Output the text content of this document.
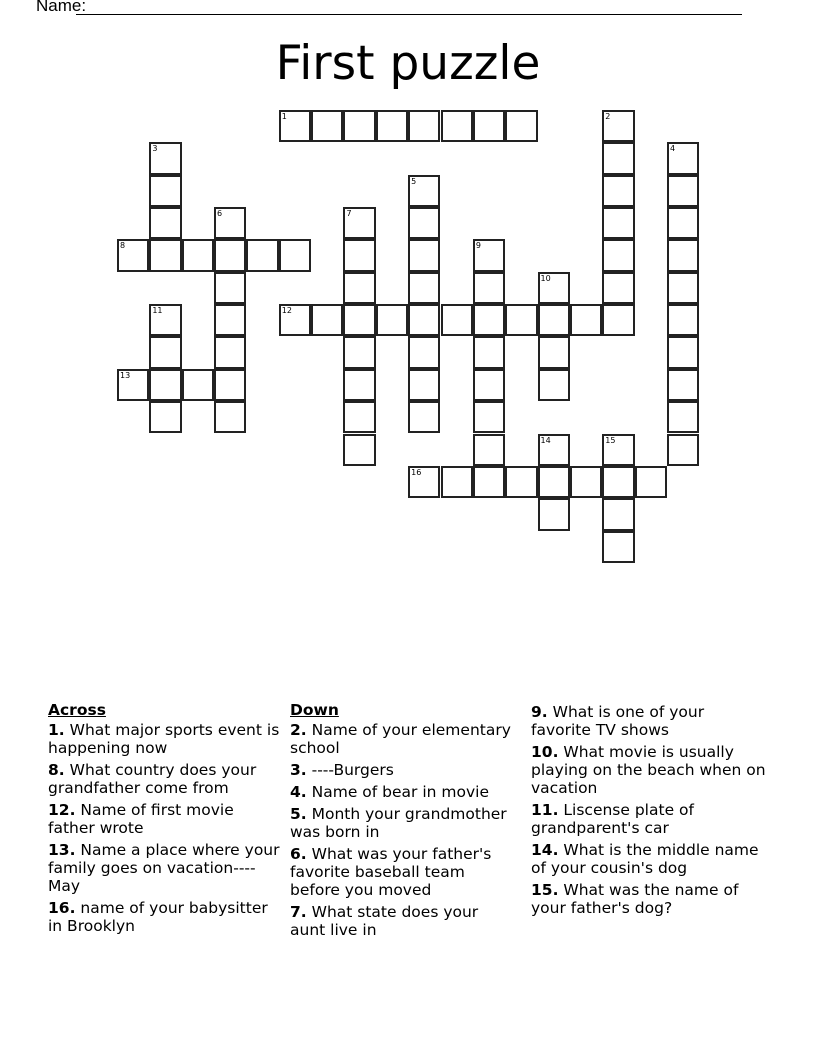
Name:
First puzzle
1	2
3	4
5
6	7
8	9
10
11	12
13
14	15
16
Across
1. What major sports event is happening now
8. What country does your grandfather come from
12. Name of first movie father wrote
13. Name a place where your family goes on vacation----May
16. name of your babysitter in Brooklyn
Down
2. Name of your elementary school
3. ----Burgers
4. Name of bear in movie
5. Month your grandmother was born in
6. What was your father's favorite baseball team before you moved
7. What state does your aunt live in
9. What is one of your favorite TV shows
10. What movie is usually playing on the beach when on vacation
11. Liscense plate of grandparent's car
14. What is the middle name of your cousin's dog
15. What was the name of your father's dog?
